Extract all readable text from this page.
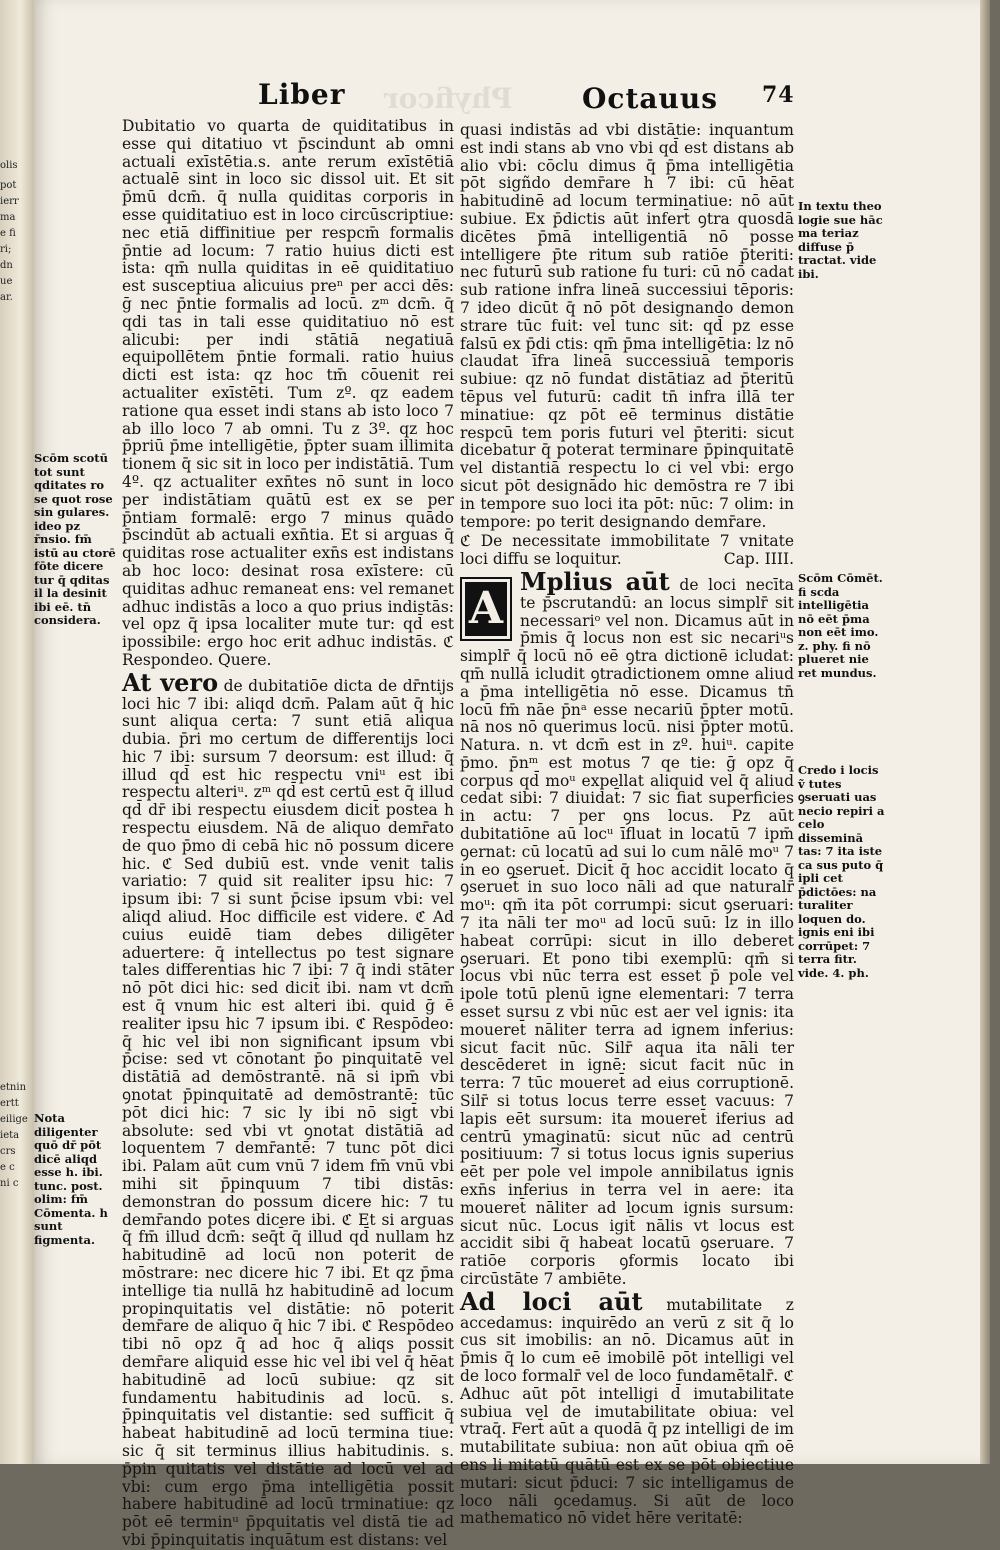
olis
pot
ierr
ma
e fi
ri;
dn
ue
ar.
etnin
ertt
eilige
ieta
crs
e c
ni c
Phyficor
Liber	Octauus 74

Dubitatio vo quarta de quiditatibus in esse qui ditatiuo vt p̄scindunt ab omni actuali exīstētia.s. ante rerum exīstētiā actualē sint in loco sic dissol uit. Et sit p̄mū dcm̄. q̄ nulla quiditas corporis in esse quiditatiuo est in loco circūscriptiue: nec etiā diffinitiue per respcm̄ formalis p̄ntie ad locum: 7 ratio huius dicti est ista: qm̄ nulla quiditas in eē quiditatiuo est susceptiua alicuius preⁿ per acci dēs: ḡ nec p̄ntie formalis ad locū. zᵐ dcm̄. q̄ qdi tas in tali esse quiditatiuo nō est alicubi: per indi stātiā negatiuā equipollētem p̄ntie formali. ratio huius dicti est ista: qz hoc tm̄ cōuenit rei actualiter exīstēti. Tum zº. qz eadem ratione qua esset indi stans ab isto loco 7 ab illo loco 7 ab omni. Tu z 3º. qz hoc p̄priū p̄me intelligētie, p̄pter suam illimita tionem q̄ sic sit in loco per indistātiā. Tum 4º. qz actualiter exn̄tes nō sunt in loco per indistātiam quātū est ex se per p̄ntiam formalē: ergo 7 minus quādo p̄scindūt ab actuali exn̄tia. Et si arguas q̄ quiditas rose actualiter exn̄s est indistans ab hoc loco: desinat rosa exīstere: cū quiditas adhuc remaneat ens: vel remanet adhuc indistās a loco a quo prius indistās: vel opz q̄ ipsa localiter mute tur: qd̄ est ipossibile: ergo hoc erit adhuc indistās. ℭ Respondeo. Quere.

At vero de dubitatiōe dicta de dr̄ntijs loci hic 7 ibi: aliqd dcm̄. Palam aūt q̄ hic sunt aliqua certa: 7 sunt etiā aliqua dubia. p̄ri mo certum de differentijs loci hic 7 ibi: sursum 7 deorsum: est illud: q̄ illud qd̄ est hic respectu vniᵘ est ibi respectu alteriᵘ. zᵐ qd̄ est certū est q̄ illud qd̄ dr̄ ibi respectu eiusdem dicit̄ postea h respectu eiusdem. Nā de aliquo demr̄ato de quo p̄mo di cebā hic nō possum dicere hic. ℭ Sed dubiū est. vnde venit talis variatio: 7 quid sit realiter ipsu hic: 7 ipsum ibi: 7 si sunt p̄cise ipsum vbi: vel aliqd aliud. Hoc difficile est videre. ℭ Ad cuius euidē tiam debes diligēter aduertere: q̄ intellectus po test signare tales differentias hic 7 ibi: 7 q̄ indi stāter nō pōt dici hic: sed dicit̄ ibi. nam vt dcm̄ est q̄ vnum hic est alteri ibi. quid ḡ ē realiter ipsu hic 7 ipsum ibi. ℭ Respōdeo: q̄ hic vel ibi non significant ipsum vbi p̄cise: sed vt cōnotant p̄o pinquitatē vel distātiā ad demōstrantē. nā si ipm̄ vbi ꝯnotat p̄pinquitatē ad demōstrantē: tūc pōt dici hic: 7 sic ly ibi nō sigt̄ vbi absolute: sed vbi vt ꝯnotat distātiā ad loquentem 7 demr̄antē: 7 tunc pōt dici ibi. Palam aūt cum vnū 7 idem fm̄ vnū vbi mihi sit p̄pinquum 7 tibi distās: demonstran do possum dicere hic: 7 tu demr̄ando potes dicere ibi. ℭ Et si arguas q̄ fm̄ illud dcm̄: seq̄t̄ q̄ illud qd̄ nullam hz habitudinē ad locū non poterit de mōstrare: nec dicere hic 7 ibi. Et qz p̄ma intellige tia nullā hz habitudinē ad locum propinquitatis vel distātie: nō poterit demr̄are de aliquo q̄ hic 7 ibi. ℭ Respōdeo tibi nō opz q̄ ad hoc q̄ aliqs possit demr̄are aliquid esse hic vel ibi vel q̄ hēat habitudinē ad locū subiue: qz sit fundamentu habitudinis ad locū. s. p̄pinquitatis vel distantie: sed sufficit q̄ habeat habitudinē ad locū termina tiue: sic q̄ sit terminus illius habitudinis. s. p̄pin quitatis vel distātie ad locū vel ad vbi: cum ergo p̄ma intelligētia possit habere habitudinē ad locū trminatiue: qz pōt eē terminᵘ p̄pquitatis vel distā tie ad vbi p̄pinquitatis inquātum est distans: vel

quasi indistās ad vbi distātie: inquantum est indi stans ab vno vbi qd̄ est distans ab alio vbi: cōclu dimus q̄ p̄ma intelligētia pōt sigñdo demr̄are h 7 ibi: cū hēat habitudinē ad locum terminatiue: nō aūt subiue. Ex p̄dictis aūt infert̄ ꝯtra quosdā dicētes p̄mā intelligentiā nō posse intelligere p̄te ritum sub ratiōe p̄teriti: nec futurū sub ratione fu turi: cū nō cadat sub ratione infra lineā successiui tēporis: 7 ideo dicūt q̄ nō pōt designando demon strare tūc fuit: vel tunc sit: qd̄ pz esse falsū ex p̄di ctis: qm̄ p̄ma intelligētia: lz nō claudat īfra lineā successiuā temporis subiue: qz nō fundat distātiaz ad p̄teritū tēpus vel futurū: cadit tn̄ infra illā ter minatiue: qz pōt eē terminus distātie respcū tem poris futuri vel p̄teriti: sicut dicebatur q̄ poterat terminare p̄pinquitatē vel distantiā respectu lo ci vel vbi: ergo sicut pōt designādo hic demōstra re 7 ibi in tempore suo loci ita pōt: nūc: 7 olim: in tempore: po terit designando demr̄are.

ℭ De necessitate immobilitate 7 vnitate loci diffu se loquitur.	Cap. IIII.

A
Mplius aūt de loci necīta te p̄scrutandū: an locus simplr̄ sit necessariᵒ vel non. Dicamus aūt in p̄mis q̄ locus non est sic necariᵘs simplr̄ q̄ locū nō eē ꝯtra dictionē icludat: qm̄ nullā icludit ꝯtradictionem omne aliud a p̄ma intelligētia nō esse. Dicamus tn̄ locū fm̄ nāe p̄nᵃ esse necariū p̄pter motū. nā nos nō querimus locū. nisi p̄pter motū. Natura. n. vt dcm̄ est in zº. huiᵘ. capite p̄mo. p̄nᵐ est motus 7 qe tie: ḡ opz q̄ corpus qd̄ moᵘ expellat aliquid vel q̄ aliud cedat sibi: 7 diuidat̄: 7 sic fiat superficies in actu: 7 per ꝯns locus. Pz aūt dubitatiōne aū locᵘ īfluat in locatū 7 ipm̄ ꝯernat: cū locatū ad sui lo cum nālē moᵘ 7 in eo ꝯseruet̄. Dicit̄ q̄ hoc accidit locato q̄ ꝯseruet̄ in suo loco nāli ad que naturalr̄ moᵘ: qm̄ ita pōt corrumpi: sicut ꝯseruari: 7 ita nāli ter moᵘ ad locū suū: lz in illo habeat corrūpi: sicut in illo deberet ꝯseruari. Et pono tibi exemplū: qm̄ si locus vbi nūc terra est esset p̄ pole vel ipole totū plenū igne elementari: 7 terra esset sursu z vbi nūc est aer vel ignis: ita moueret̄ nāliter terra ad ignem inferius: sicut facit nūc. Silr̄ aqua ita nāli ter descēderet in ignē: sicut facit nūc in terra: 7 tūc moueret̄ ad eius corruptionē. Silr̄ si totus locus terre esset vacuus: 7 lapis eēt sursum: ita moueret̄ iferius ad centrū ymaginatū: sicut nūc ad centrū positiuum: 7 si totus locus ignis superius eēt per pole vel impole annibilatus ignis exn̄s inferius in terra vel in aere: ita moueret̄ nāliter ad locum ignis sursum: sicut nūc. Locus igit̄ nālis vt locus est accidit sibi q̄ habeat locatū ꝯseruare. 7 ratiōe corporis ꝯformis locato ibi circūstāte 7 ambiēte.

Ad loci aūt mutabilitate z accedamus: inquirēdo an verū z sit q̄ lo cus sit imobilis: an nō. Dicamus aūt in p̄mis q̄ lo cum eē imobilē pōt intelligi vel de loco formalr̄ vel de loco fundamētalr̄. ℭ Adhuc aūt pōt intelligi d̄ imutabilitate subiua vel de imutabilitate obiua: vel vtraq̄. Fert̄ aūt a quodā q̄ pz intelligi de im mutabilitate subiua: non aūt obiua qm̄ oē ens li mitatū quātū est ex se pōt obiectiue mutari: sicut p̄duci: 7 sic intelligamus de loco nāli ꝯcedamus. Si aūt de loco mathematico nō videt̄ hēre veritatē:

Scōm scotū tot sunt qditates ro se quot rose sin gulares. ideo pz r̄nsio. fm̄ istū au ctorē fōte dicere tur q̄ qditas il la desinit ibi eē. tn̄ considera.
Nota diligenter quō dr̄ pōt dicē aliqd esse h. ibi. tunc. post. olim: fm̄ Cōmenta. h sunt figmenta.
In textu theo logie sue hāc ma teriaz diffuse p̄ tractat. vide ibi.
Scōm Cōmēt. fi scda intelligētia nō eēt p̄ma non eēt imo. z. phy. fi nō plueret nie ret mundus.
Credo i locis ṽ tutes ꝯseruati uas necio repiri a celo disseminā tas: 7 ita iste ca sus puto q̄ ipli cet p̄dictōes: na turaliter loquen do. ignis eni ibi corrūpet: 7 terra fitr. vide. 4. ph.
